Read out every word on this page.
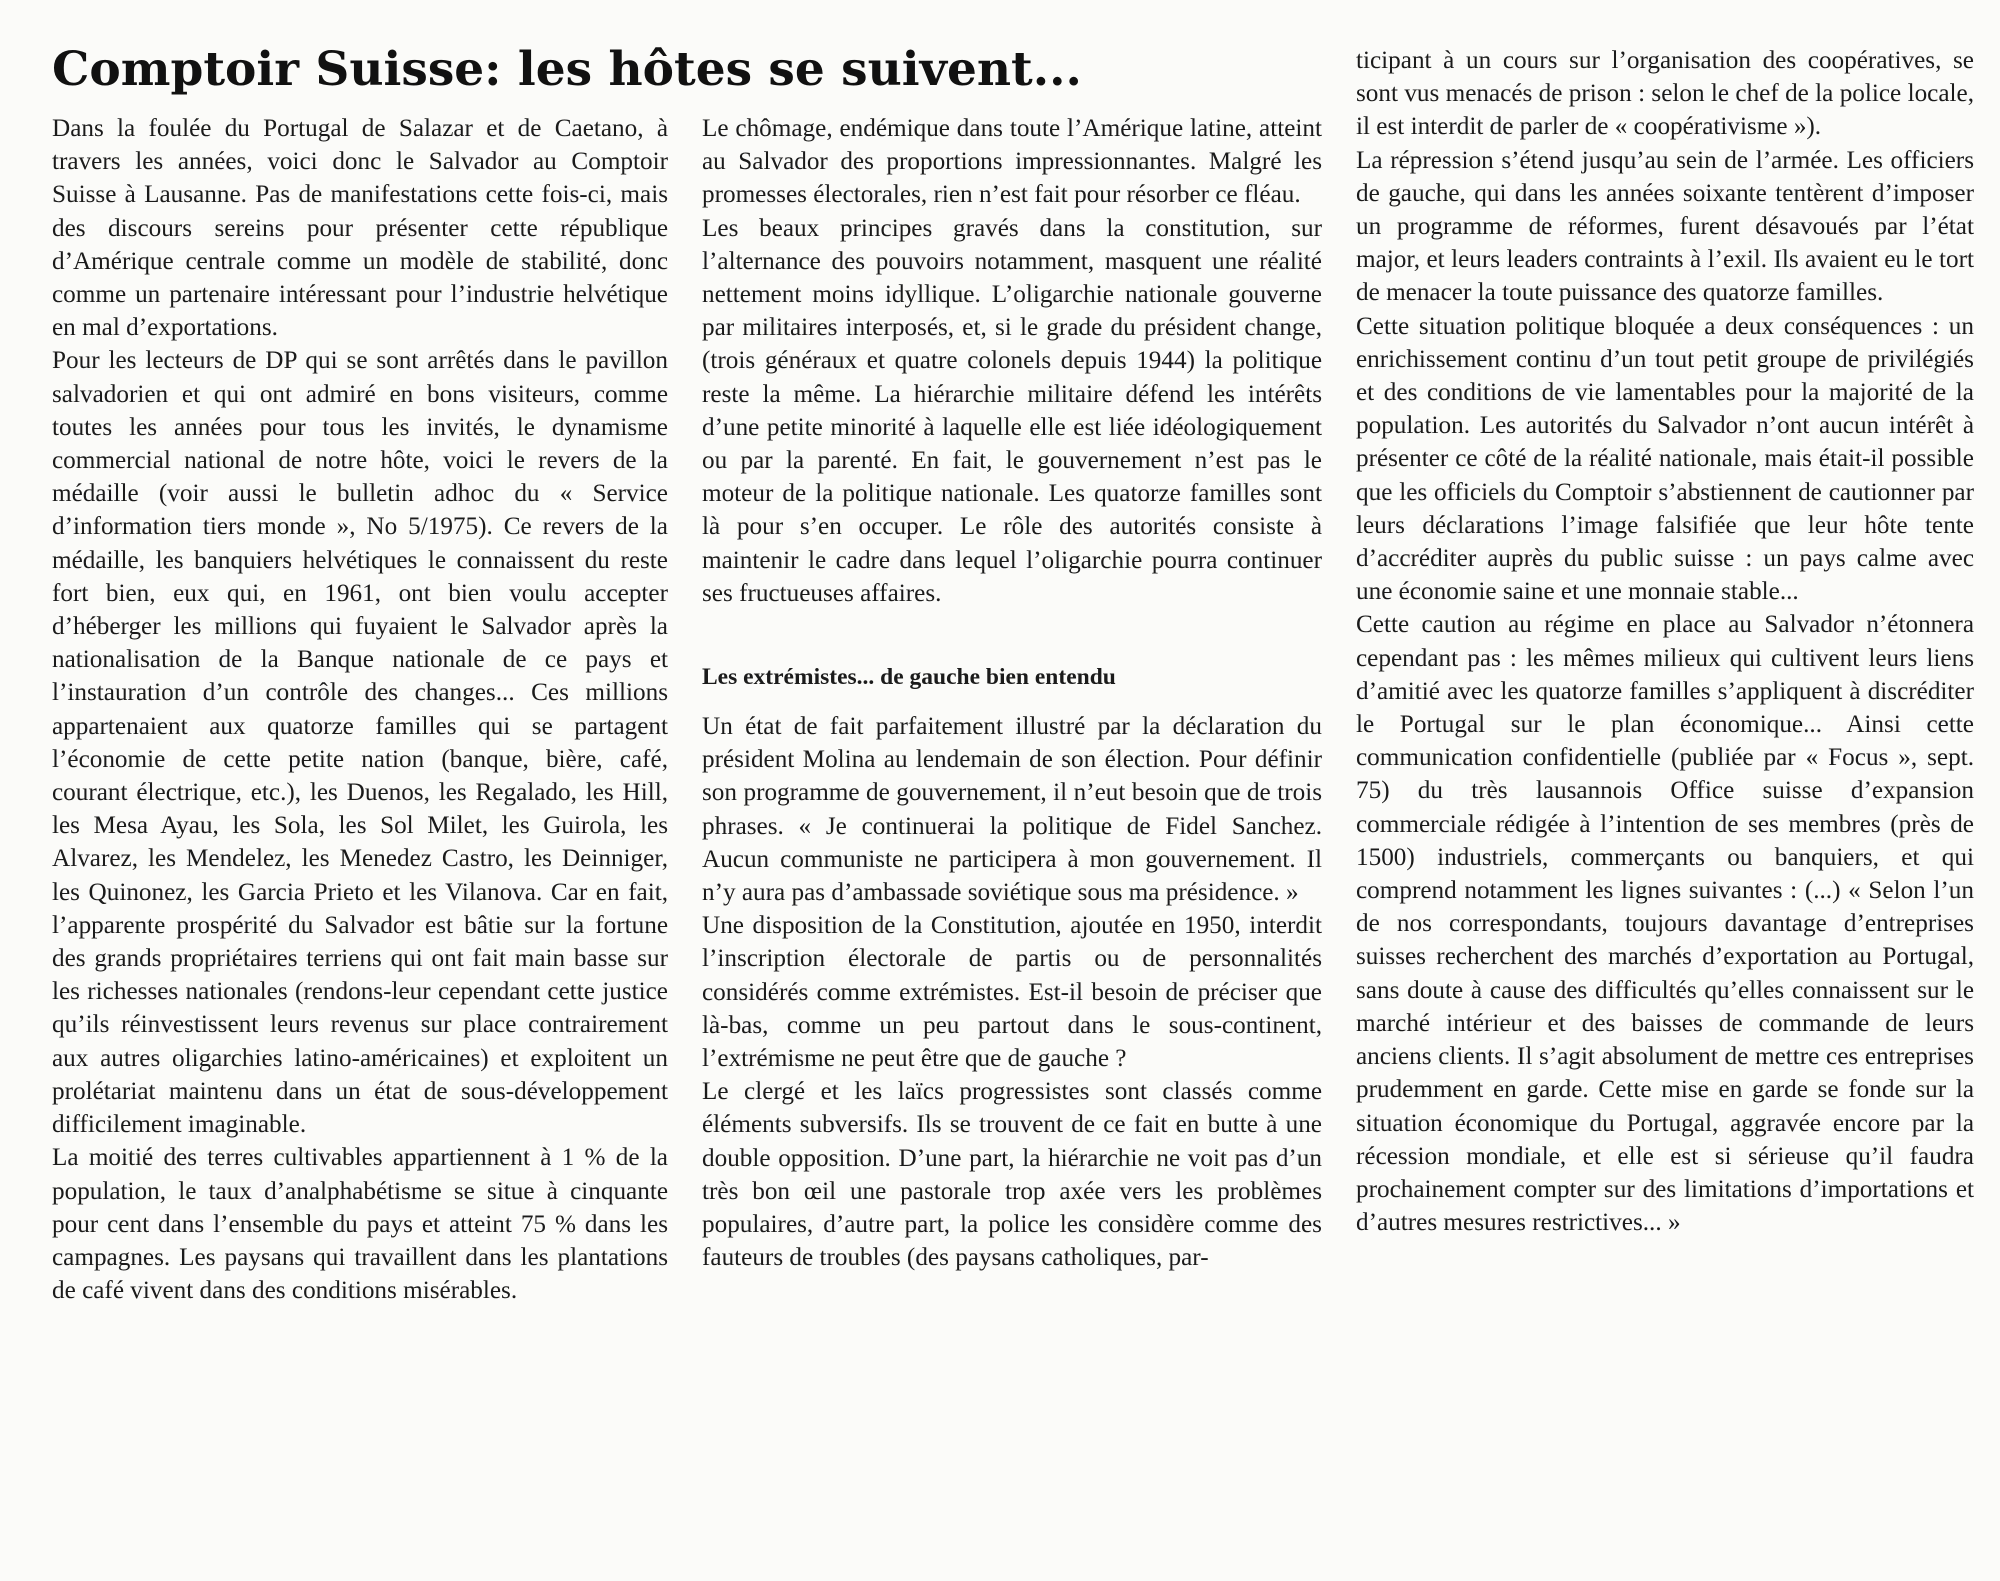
Comptoir Suisse: les hôtes se suivent...

Dans la foulée du Portugal de Salazar et de Caetano, à travers les années, voici donc le Salvador au Comptoir Suisse à Lausanne. Pas de manifestations cette fois-ci, mais des discours sereins pour présenter cette république d’Amérique centrale comme un modèle de stabilité, donc comme un partenaire intéressant pour l’industrie helvétique en mal d’exportations.

Pour les lecteurs de DP qui se sont arrêtés dans le pavillon salvadorien et qui ont admiré en bons visiteurs, comme toutes les années pour tous les invités, le dynamisme commercial national de notre hôte, voici le revers de la médaille (voir aussi le bulletin adhoc du « Service d’information tiers monde », No 5/1975). Ce revers de la médaille, les banquiers helvétiques le connaissent du reste fort bien, eux qui, en 1961, ont bien voulu accepter d’héberger les millions qui fuyaient le Salvador après la nationalisation de la Banque nationale de ce pays et l’instauration d’un contrôle des changes... Ces millions appartenaient aux quatorze familles qui se partagent l’économie de cette petite nation (banque, bière, café, courant électrique, etc.), les Duenos, les Regalado, les Hill, les Mesa Ayau, les Sola, les Sol Milet, les Guirola, les Alvarez, les Mendelez, les Menedez Castro, les Deinniger, les Quinonez, les Garcia Prieto et les Vilanova. Car en fait, l’apparente prospérité du Salvador est bâtie sur la fortune des grands propriétaires terriens qui ont fait main basse sur les richesses nationales (rendons-leur cependant cette justice qu’ils réinvestissent leurs revenus sur place contrairement aux autres oligarchies latino-américaines) et exploitent un prolétariat maintenu dans un état de sous-développement difficilement imaginable.

La moitié des terres cultivables appartiennent à 1 % de la population, le taux d’analphabétisme se situe à cinquante pour cent dans l’ensemble du pays et atteint 75 % dans les campagnes. Les paysans qui travaillent dans les plantations de café vivent dans des conditions misérables.

Le chômage, endémique dans toute l’Amérique latine, atteint au Salvador des proportions impressionnantes. Malgré les promesses électorales, rien n’est fait pour résorber ce fléau.

Les beaux principes gravés dans la constitution, sur l’alternance des pouvoirs notamment, masquent une réalité nettement moins idyllique. L’oligarchie nationale gouverne par militaires interposés, et, si le grade du président change, (trois généraux et quatre colonels depuis 1944) la politique reste la même. La hiérarchie militaire défend les intérêts d’une petite minorité à laquelle elle est liée idéologiquement ou par la parenté. En fait, le gouvernement n’est pas le moteur de la politique nationale. Les quatorze familles sont là pour s’en occuper. Le rôle des autorités consiste à maintenir le cadre dans lequel l’oligarchie pourra continuer ses fructueuses affaires.

Les extrémistes... de gauche bien entendu

Un état de fait parfaitement illustré par la déclaration du président Molina au lendemain de son élection. Pour définir son programme de gouvernement, il n’eut besoin que de trois phrases. « Je continuerai la politique de Fidel Sanchez. Aucun communiste ne participera à mon gouvernement. Il n’y aura pas d’ambassade soviétique sous ma présidence. »

Une disposition de la Constitution, ajoutée en 1950, interdit l’inscription électorale de partis ou de personnalités considérés comme extrémistes. Est-il besoin de préciser que là-bas, comme un peu partout dans le sous-continent, l’extrémisme ne peut être que de gauche ?

Le clergé et les laïcs progressistes sont classés comme éléments subversifs. Ils se trouvent de ce fait en butte à une double opposition. D’une part, la hiérarchie ne voit pas d’un très bon œil une pastorale trop axée vers les problèmes populaires, d’autre part, la police les considère comme des fauteurs de troubles (des paysans catholiques, par-

ticipant à un cours sur l’organisation des coopératives, se sont vus menacés de prison : selon le chef de la police locale, il est interdit de parler de « coopérativisme »).

La répression s’étend jusqu’au sein de l’armée. Les officiers de gauche, qui dans les années soixante tentèrent d’imposer un programme de réformes, furent désavoués par l’état major, et leurs leaders contraints à l’exil. Ils avaient eu le tort de menacer la toute puissance des quatorze familles.

Cette situation politique bloquée a deux conséquences : un enrichissement continu d’un tout petit groupe de privilégiés et des conditions de vie lamentables pour la majorité de la population. Les autorités du Salvador n’ont aucun intérêt à présenter ce côté de la réalité nationale, mais était-il possible que les officiels du Comptoir s’abstiennent de cautionner par leurs déclarations l’image falsifiée que leur hôte tente d’accréditer auprès du public suisse : un pays calme avec une économie saine et une monnaie stable...

Cette caution au régime en place au Salvador n’étonnera cependant pas : les mêmes milieux qui cultivent leurs liens d’amitié avec les quatorze familles s’appliquent à discréditer le Portugal sur le plan économique... Ainsi cette communication confidentielle (publiée par « Focus », sept. 75) du très lausannois Office suisse d’expansion commerciale rédigée à l’intention de ses membres (près de 1500) industriels, commerçants ou banquiers, et qui comprend notamment les lignes suivantes : (...) « Selon l’un de nos correspondants, toujours davantage d’entreprises suisses recherchent des marchés d’exportation au Portugal, sans doute à cause des difficultés qu’elles connaissent sur le marché intérieur et des baisses de commande de leurs anciens clients. Il s’agit absolument de mettre ces entreprises prudemment en garde. Cette mise en garde se fonde sur la situation économique du Portugal, aggravée encore par la récession mondiale, et elle est si sérieuse qu’il faudra prochainement compter sur des limitations d’importations et d’autres mesures restrictives... »
